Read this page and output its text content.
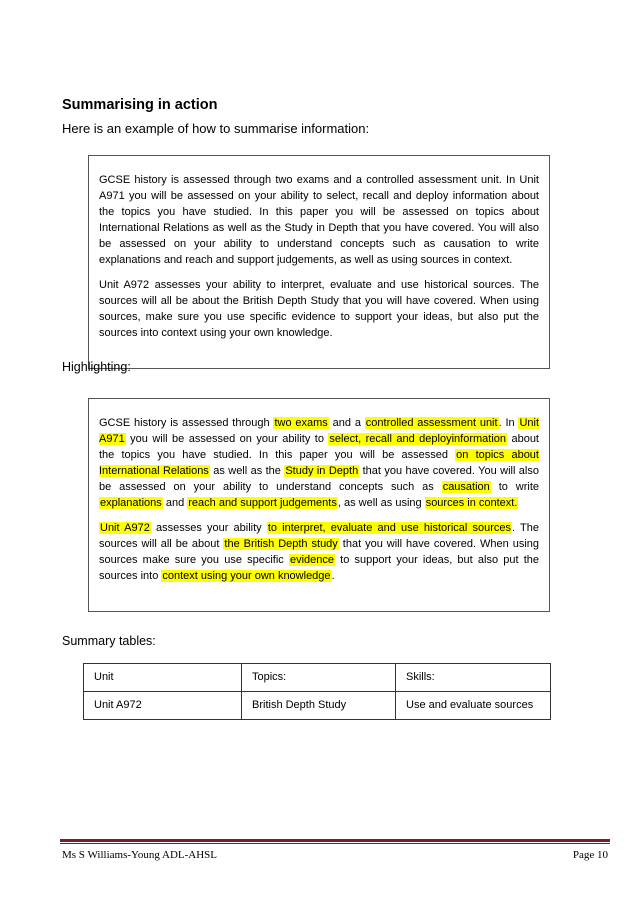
Summarising in action

Here is an example of how to summarise information:

GCSE history is assessed through two exams and a controlled assessment unit. In Unit A971 you will be assessed on your ability to select, recall and deploy information about the topics you have studied. In this paper you will be assessed on topics about International Relations as well as the Study in Depth that you have covered. You will also be assessed on your ability to understand concepts such as causation to write explanations and reach and support judgements, as well as using sources in context.

Unit A972 assesses your ability to interpret, evaluate and use historical sources. The sources will all be about the British Depth Study that you will have covered. When using sources, make sure you use specific evidence to support your ideas, but also put the sources into context using your own knowledge.

Highlighting:

GCSE history is assessed through two exams and a controlled assessment unit. In Unit A971 you will be assessed on your ability to select, recall and deployinformation about the topics you have studied. In this paper you will be assessed on topics about International Relations as well as the Study in Depth that you have covered. You will also be assessed on your ability to understand concepts such as causation to write explanations and reach and support judgements, as well as using sources in context.

Unit A972 assesses your ability to interpret, evaluate and use historical sources. The sources will all be about the British Depth study that you will have covered. When using sources make sure you use specific evidence to support your ideas, but also put the sources into context using your own knowledge.

Summary tables:

Unit	Topics:	Skills:
Unit A972	British Depth Study	Use and evaluate sources
Ms S Williams-Young ADL-AHSL	Page 10
